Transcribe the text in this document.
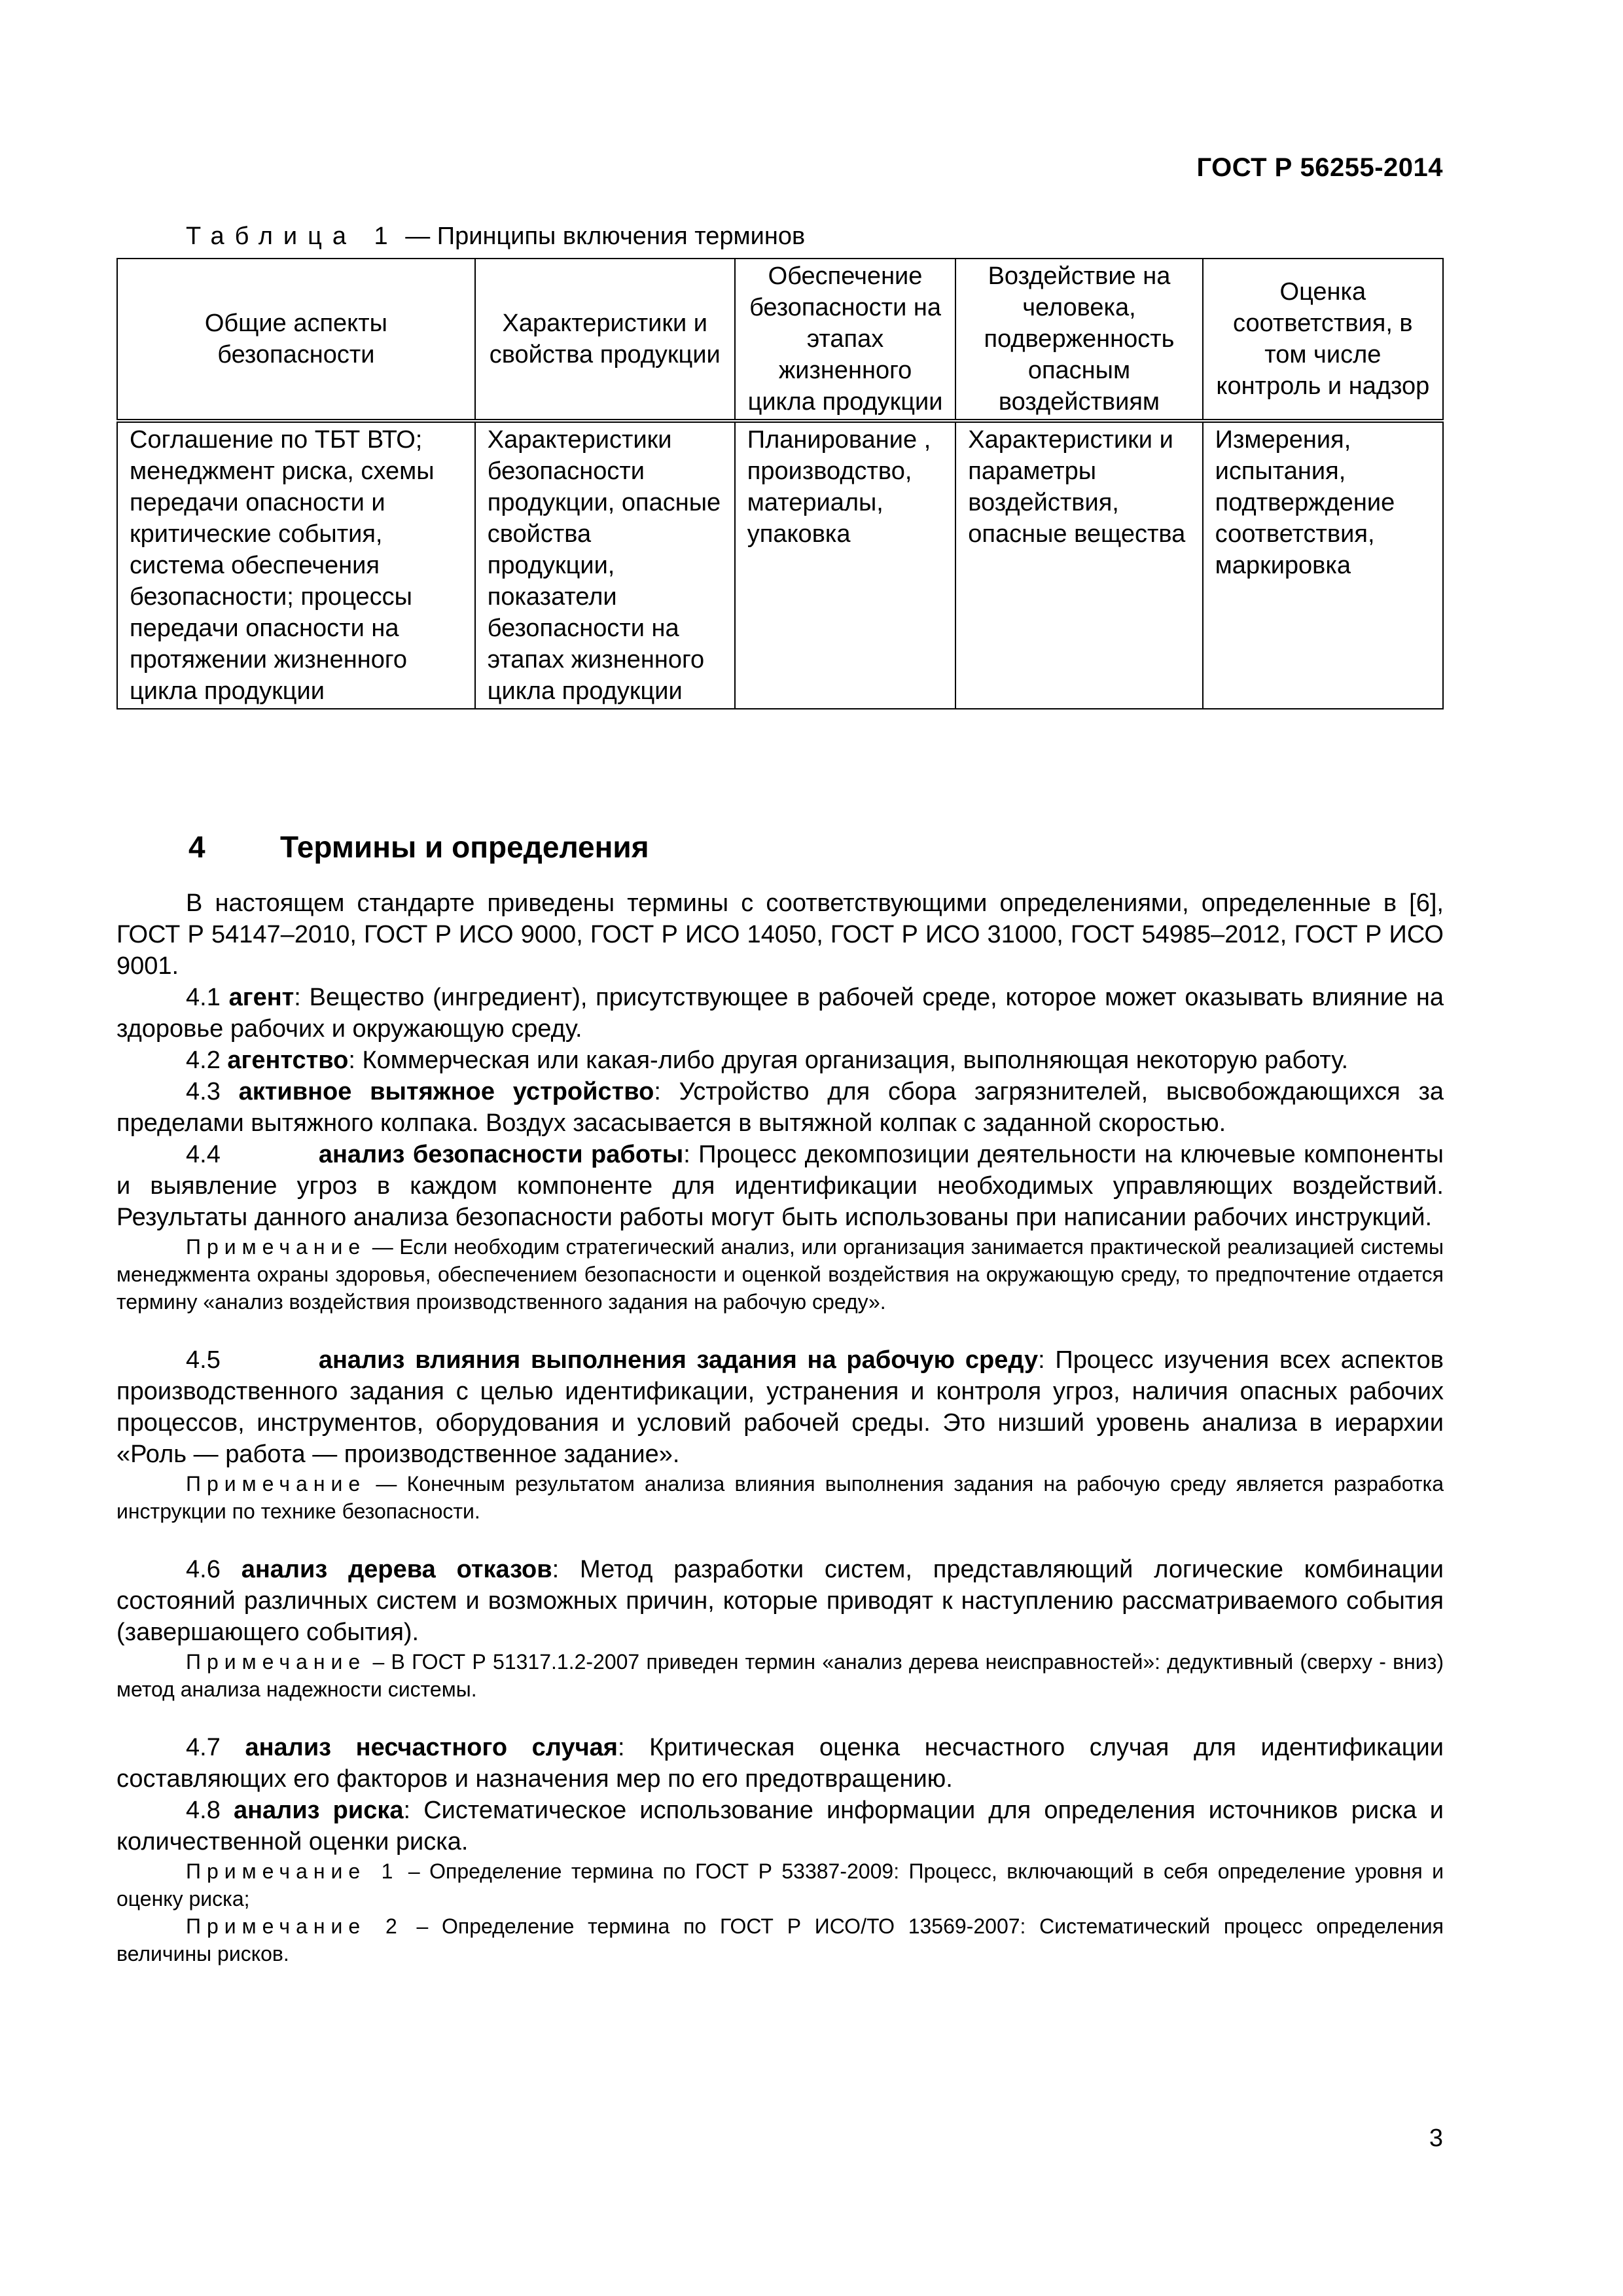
ГОСТ Р 56255-2014
Таблица 1 — Принципы включения терминов
Общие аспекты безопасности	Характеристики и свойства продукции	Обеспечение безопасности на этапах жизненного цикла продукции	Воздействие на человека, подверженность опасным воздействиям	Оценка соответствия, в том числе контроль и надзор
Соглашение по ТБТ ВТО; менеджмент риска, схемы передачи опасности и критические события, система обеспечения безопасности; процессы передачи опасности на протяжении жизненного цикла продукции	Характеристики безопасности продукции, опасные свойства продукции, показатели безопасности на этапах жизненного цикла продукции	Планирование , производство, материалы, упаковка	Характеристики и параметры воздействия, опасные вещества	Измерения, испытания, подтверждение соответствия, маркировка
4 Термины и определения

В настоящем стандарте приведены термины с соответствующими определениями, определенные в [6], ГОСТ Р 54147–2010, ГОСТ Р ИСО 9000, ГОСТ Р ИСО 14050, ГОСТ Р ИСО 31000, ГОСТ 54985–2012, ГОСТ Р ИСО 9001.

4.1 агент: Вещество (ингредиент), присутствующее в рабочей среде, которое может оказывать влияние на здоровье рабочих и окружающую среду.

4.2 агентство: Коммерческая или какая-либо другая организация, выполняющая некоторую работу.

4.3 активное вытяжное устройство: Устройство для сбора загрязнителей, высвобождающихся за пределами вытяжного колпака. Воздух засасывается в вытяжной колпак с заданной скоростью.

4.4	анализ безопасности работы: Процесс декомпозиции деятельности на ключевые компоненты и выявление угроз в каждом компоненте для идентификации необходимых управляющих воздействий. Результаты данного анализа безопасности работы могут быть использованы при написании рабочих инструкций.

Примечание — Если необходим стратегический анализ, или организация занимается практической реализацией системы менеджмента охраны здоровья, обеспечением безопасности и оценкой воздействия на окружающую среду, то предпочтение отдается термину «анализ воздействия производственного задания на рабочую среду».

4.5	анализ влияния выполнения задания на рабочую среду: Процесс изучения всех аспектов производственного задания с целью идентификации, устранения и контроля угроз, наличия опасных рабочих процессов, инструментов, оборудования и условий рабочей среды. Это низший уровень анализа в иерархии «Роль — работа — производственное задание».

Примечание — Конечным результатом анализа влияния выполнения задания на рабочую среду является разработка инструкции по технике безопасности.

4.6 анализ дерева отказов: Метод разработки систем, представляющий логические комбинации состояний различных систем и возможных причин, которые приводят к наступлению рассматриваемого события (завершающего события).

Примечание – В ГОСТ Р 51317.1.2-2007 приведен термин «анализ дерева неисправностей»: дедуктивный (сверху - вниз) метод анализа надежности системы.

4.7 анализ несчастного случая: Критическая оценка несчастного случая для идентификации составляющих его факторов и назначения мер по его предотвращению.

4.8 анализ риска: Систематическое использование информации для определения источников риска и количественной оценки риска.

Примечание 1 – Определение термина по ГОСТ Р 53387-2009: Процесс, включающий в себя определение уровня и оценку риска;

Примечание 2 – Определение термина по ГОСТ Р ИСО/ТО 13569-2007: Систематический процесс определения величины рисков.

3
